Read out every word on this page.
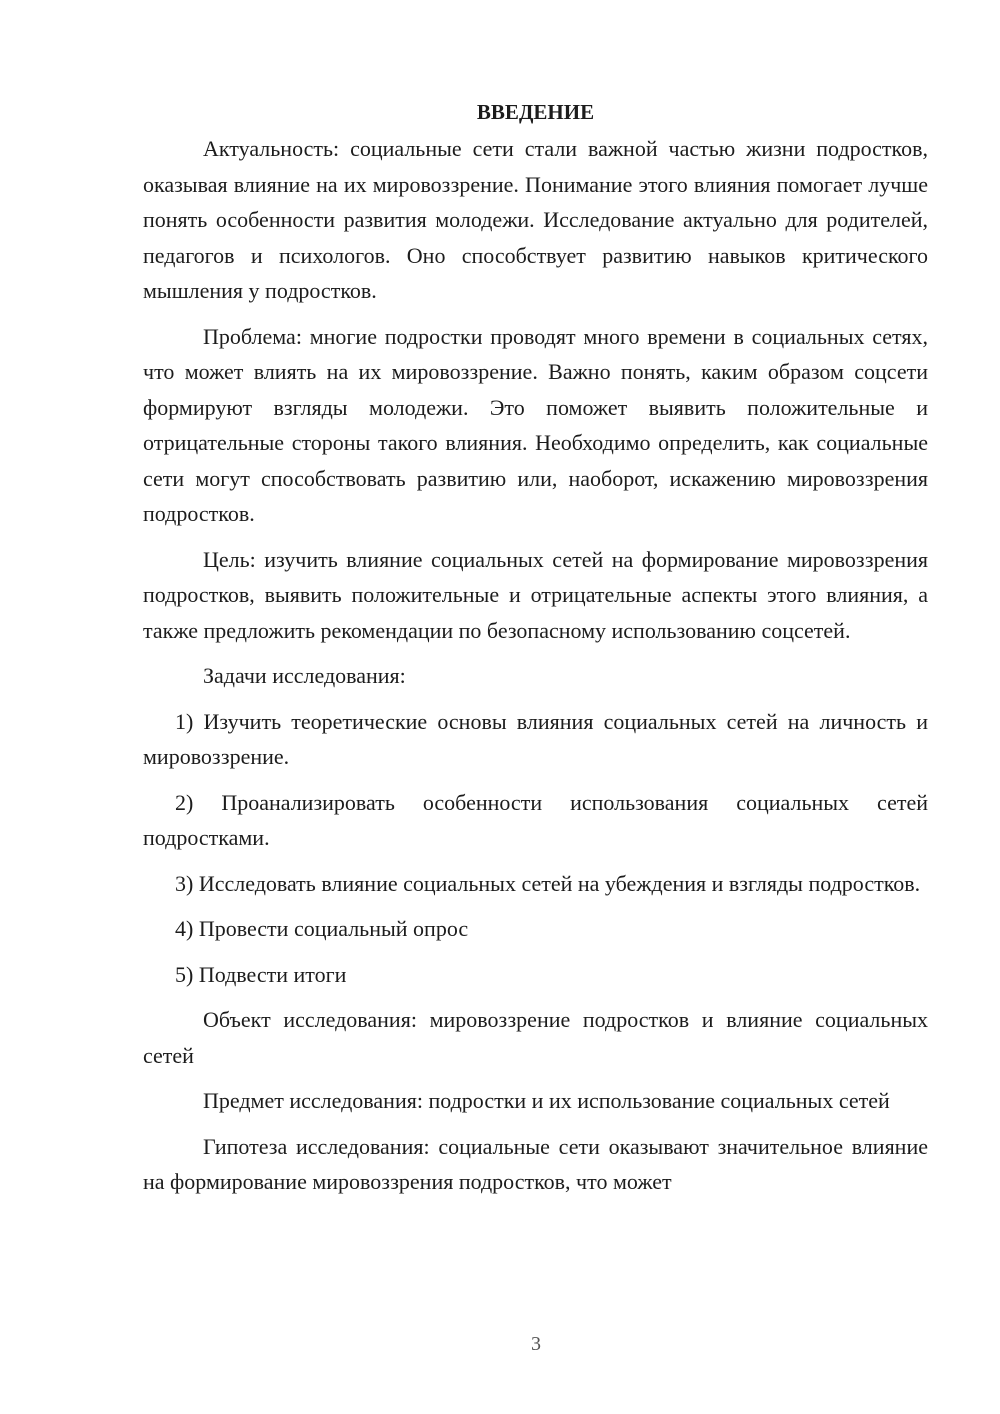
ВВЕДЕНИЕ

Актуальность: социальные сети стали важной частью жизни подростков, оказывая влияние на их мировоззрение. Понимание этого влияния помогает лучше понять особенности развития молодежи. Исследование актуально для родителей, педагогов и психологов. Оно способствует развитию навыков критического мышления у подростков.

Проблема: многие подростки проводят много времени в социальных сетях, что может влиять на их мировоззрение. Важно понять, каким образом соцсети формируют взгляды молодежи. Это поможет выявить положительные и отрицательные стороны такого влияния. Необходимо определить, как социальные сети могут способствовать развитию или, наоборот, искажению мировоззрения подростков.

Цель: изучить влияние социальных сетей на формирование мировоззрения подростков, выявить положительные и отрицательные аспекты этого влияния, а также предложить рекомендации по безопасному использованию соцсетей.

Задачи исследования:

1) Изучить теоретические основы влияния социальных сетей на личность и мировоззрение.

2) Проанализировать особенности использования социальных сетей подростками.

3) Исследовать влияние социальных сетей на убеждения и взгляды подростков.

4) Провести социальный опрос

5) Подвести итоги

Объект исследования: мировоззрение подростков и влияние социальных сетей

Предмет исследования: подростки и их использование социальных сетей

Гипотеза исследования: социальные сети оказывают значительное влияние на формирование мировоззрения подростков, что может

3
